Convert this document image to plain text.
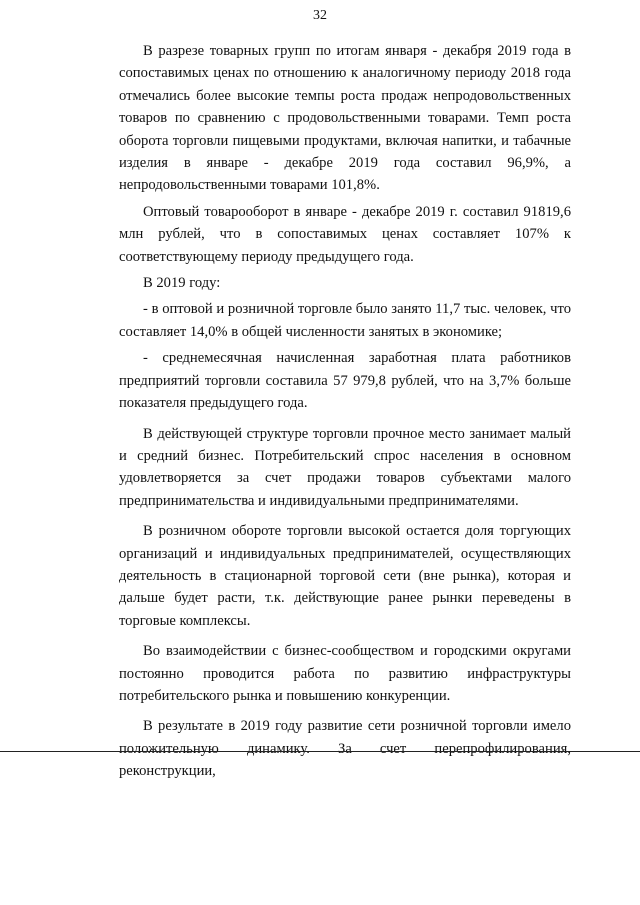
32

В разрезе товарных групп по итогам января - декабря 2019 года в сопоставимых ценах по отношению к аналогичному периоду 2018 года отмечались более высокие темпы роста продаж непродовольственных товаров по сравнению с продовольственными товарами. Темп роста оборота торговли пищевыми продуктами, включая напитки, и табачные изделия в январе - декабре 2019 года составил 96,9%, а непродовольственными товарами 101,8%.

Оптовый товарооборот в январе - декабре 2019 г. составил 91819,6 млн рублей, что в сопоставимых ценах составляет 107% к соответствующему периоду предыдущего года.

В 2019 году:

- в оптовой и розничной торговле было занято 11,7 тыс. человек, что составляет 14,0% в общей численности занятых в экономике;

- среднемесячная начисленная заработная плата работников предприятий торговли составила 57 979,8 рублей, что на 3,7% больше показателя предыдущего года.

В действующей структуре торговли прочное место занимает малый и средний бизнес. Потребительский спрос населения в основном удовлетворяется за счет продажи товаров субъектами малого предпринимательства и индивидуальными предпринимателями.

В розничном обороте торговли высокой остается доля торгующих организаций и индивидуальных предпринимателей, осуществляющих деятельность в стационарной торговой сети (вне рынка), которая и дальше будет расти, т.к. действующие ранее рынки переведены в торговые комплексы.

Во взаимодействии с бизнес-сообществом и городскими округами постоянно проводится работа по развитию инфраструктуры потребительского рынка и повышению конкуренции.

В результате в 2019 году развитие сети розничной торговли имело положительную динамику. За счет перепрофилирования, реконструкции,
